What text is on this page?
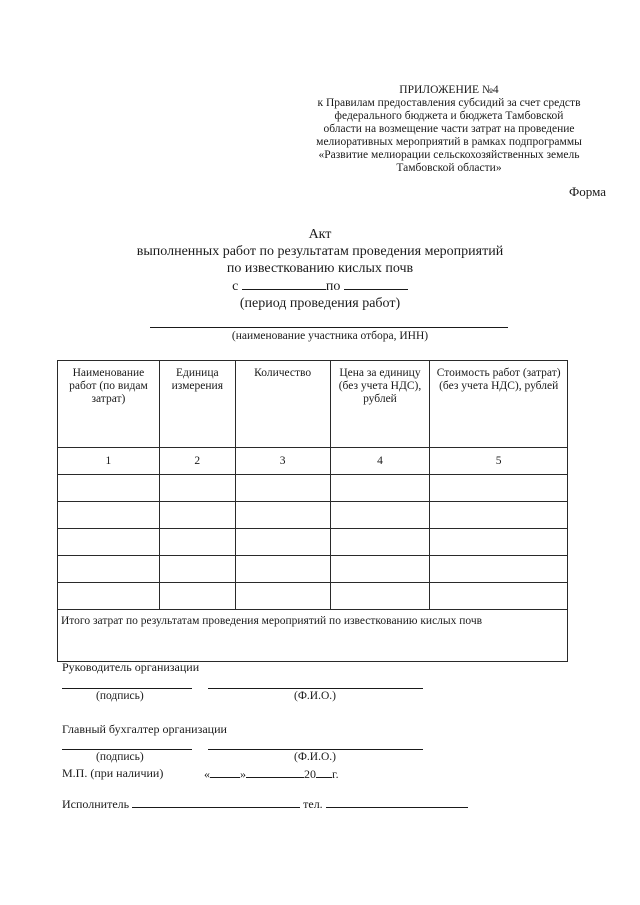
ПРИЛОЖЕНИЕ №4
к Правилам предоставления субсидий за счет средств
федерального бюджета и бюджета Тамбовской
области на возмещение части затрат на проведение
мелиоративных мероприятий в рамках подпрограммы
«Развитие мелиорации сельскохозяйственных земель
Тамбовской области»
Форма
Акт
выполненных работ по результатам проведения мероприятий
по известкованию кислых почв
с	по
(период проведения работ)
(наименование участника отбора, ИНН)
Наименование работ (по видам затрат)	Единица измерения	Количество	Цена за единицу (без учета НДС), рублей	Стоимость работ (затрат) (без учета НДС), рублей
1	2	3	4	5

Итого затрат по результатам проведения мероприятий по известкованию кислых почв				
Руководитель организации
(подпись)	(Ф.И.О.)
Главный бухгалтер организации
(подпись)	(Ф.И.О.)
М.П. (при наличии)	«	»	20 г.
Исполнитель	тел.
